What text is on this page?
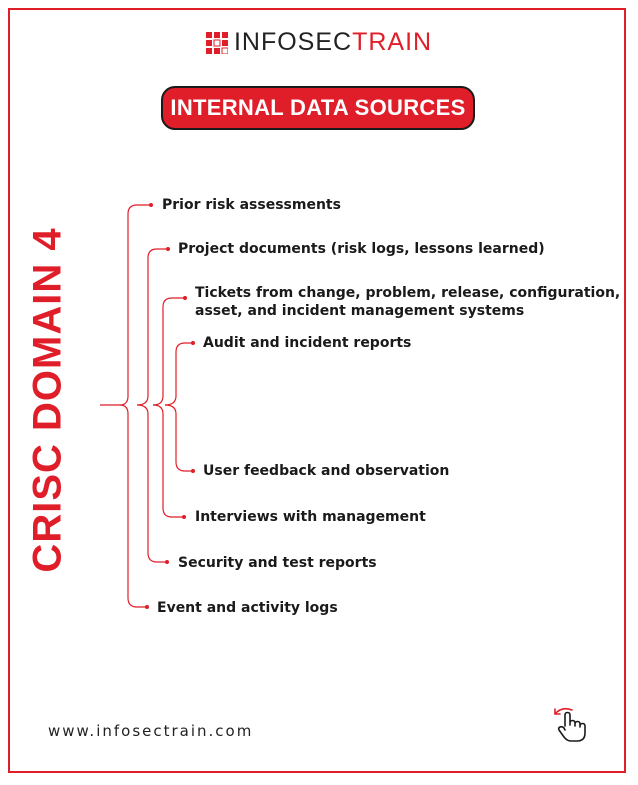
INFOSECTRAIN
INTERNAL DATA SOURCES
CRISC DOMAIN 4
Prior risk assessments
Project documents (risk logs, lessons learned)
Tickets from change, problem, release, configuration,
asset, and incident management systems
Audit and incident reports
User feedback and observation
Interviews with management
Security and test reports
Event and activity logs
www.infosectrain.com
